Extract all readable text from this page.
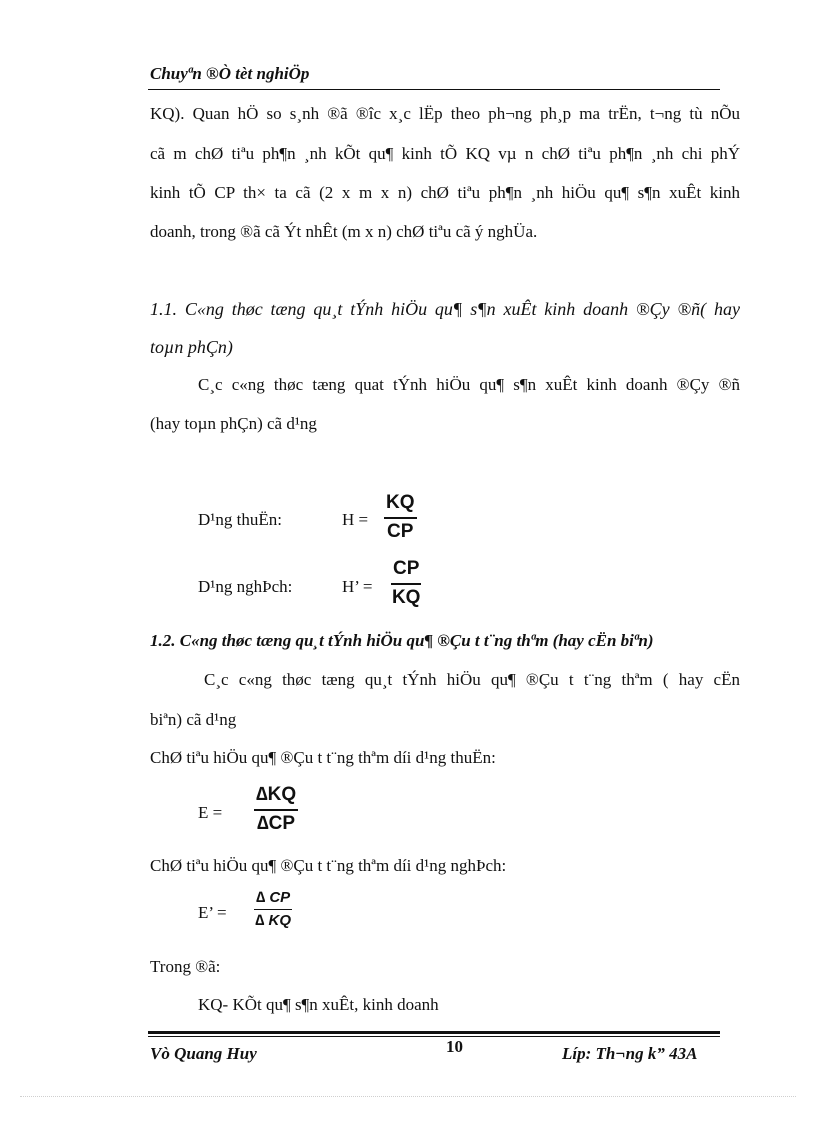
Chuyªn ®Ò tèt nghiÖp
KQ). Quan hÖ so s¸nh ®ã ®îc x¸c lËp theo ph¬ng ph¸p ma trËn, t¬ng tù nÕu
cã m chØ tiªu ph¶n ¸nh kÕt qu¶ kinh tÕ KQ vµ n chØ tiªu ph¶n ¸nh chi phÝ
kinh tÕ CP th× ta cã (2 x m x n) chØ tiªu ph¶n ¸nh hiÖu qu¶ s¶n xuÊt kinh
doanh, trong ®ã cã Ýt nhÊt (m x n) chØ tiªu cã ý nghÜa.
1.1. C«ng thøc tæng qu¸t tÝnh hiÖu qu¶ s¶n xuÊt kinh doanh ®Çy ®ñ( hay
toµn phÇn)
C¸c c«ng thøc tæng quat tÝnh hiÖu qu¶ s¶n xuÊt kinh doanh ®Çy ®ñ
(hay toµn phÇn) cã d¹ng
D¹ng thuËn:	H =
KQ
CP
D¹ng nghÞch:	H’ =
CP
KQ
1.2. C«ng thøc tæng qu¸t tÝnh hiÖu qu¶ ®Çu t t¨ng thªm (hay cËn biªn)
C¸c c«ng thøc tæng qu¸t tÝnh hiÖu qu¶ ®Çu t t¨ng thªm ( hay cËn
biªn) cã d¹ng
ChØ tiªu hiÖu qu¶ ®Çu t t¨ng thªm díi d¹ng thuËn:
E =
∆KQ
∆CP
ChØ tiªu hiÖu qu¶ ®Çu t t¨ng thªm díi d¹ng nghÞch:
E’ =
∆ CP
∆ KQ
Trong ®ã:
KQ- KÕt qu¶ s¶n xuÊt, kinh doanh
10
Vò Quang Huy	Líp: Th¬ng k” 43A
